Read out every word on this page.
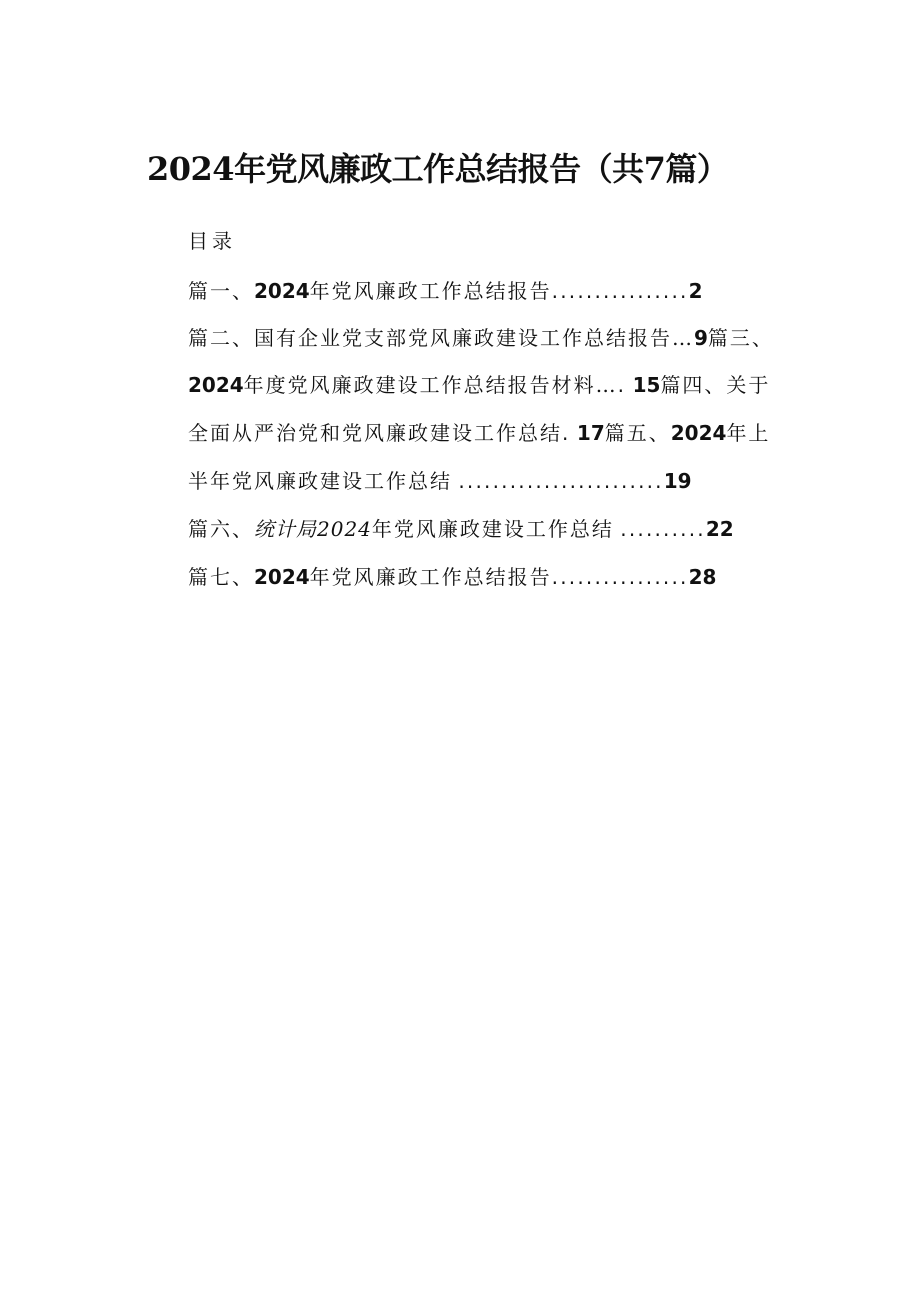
2024年党风廉政工作总结报告（共7篇）
目录
篇一、2024年党风廉政工作总结报告................2
篇二、国有企业党支部党风廉政建设工作总结报告…9篇三、
2024年度党风廉政建设工作总结报告材料…. 15篇四、关于
全面从严治党和党风廉政建设工作总结. 17篇五、2024年上
半年党风廉政建设工作总结 ........................19
篇六、统计局2024年党风廉政建设工作总结 ..........22
篇七、2024年党风廉政工作总结报告................28
